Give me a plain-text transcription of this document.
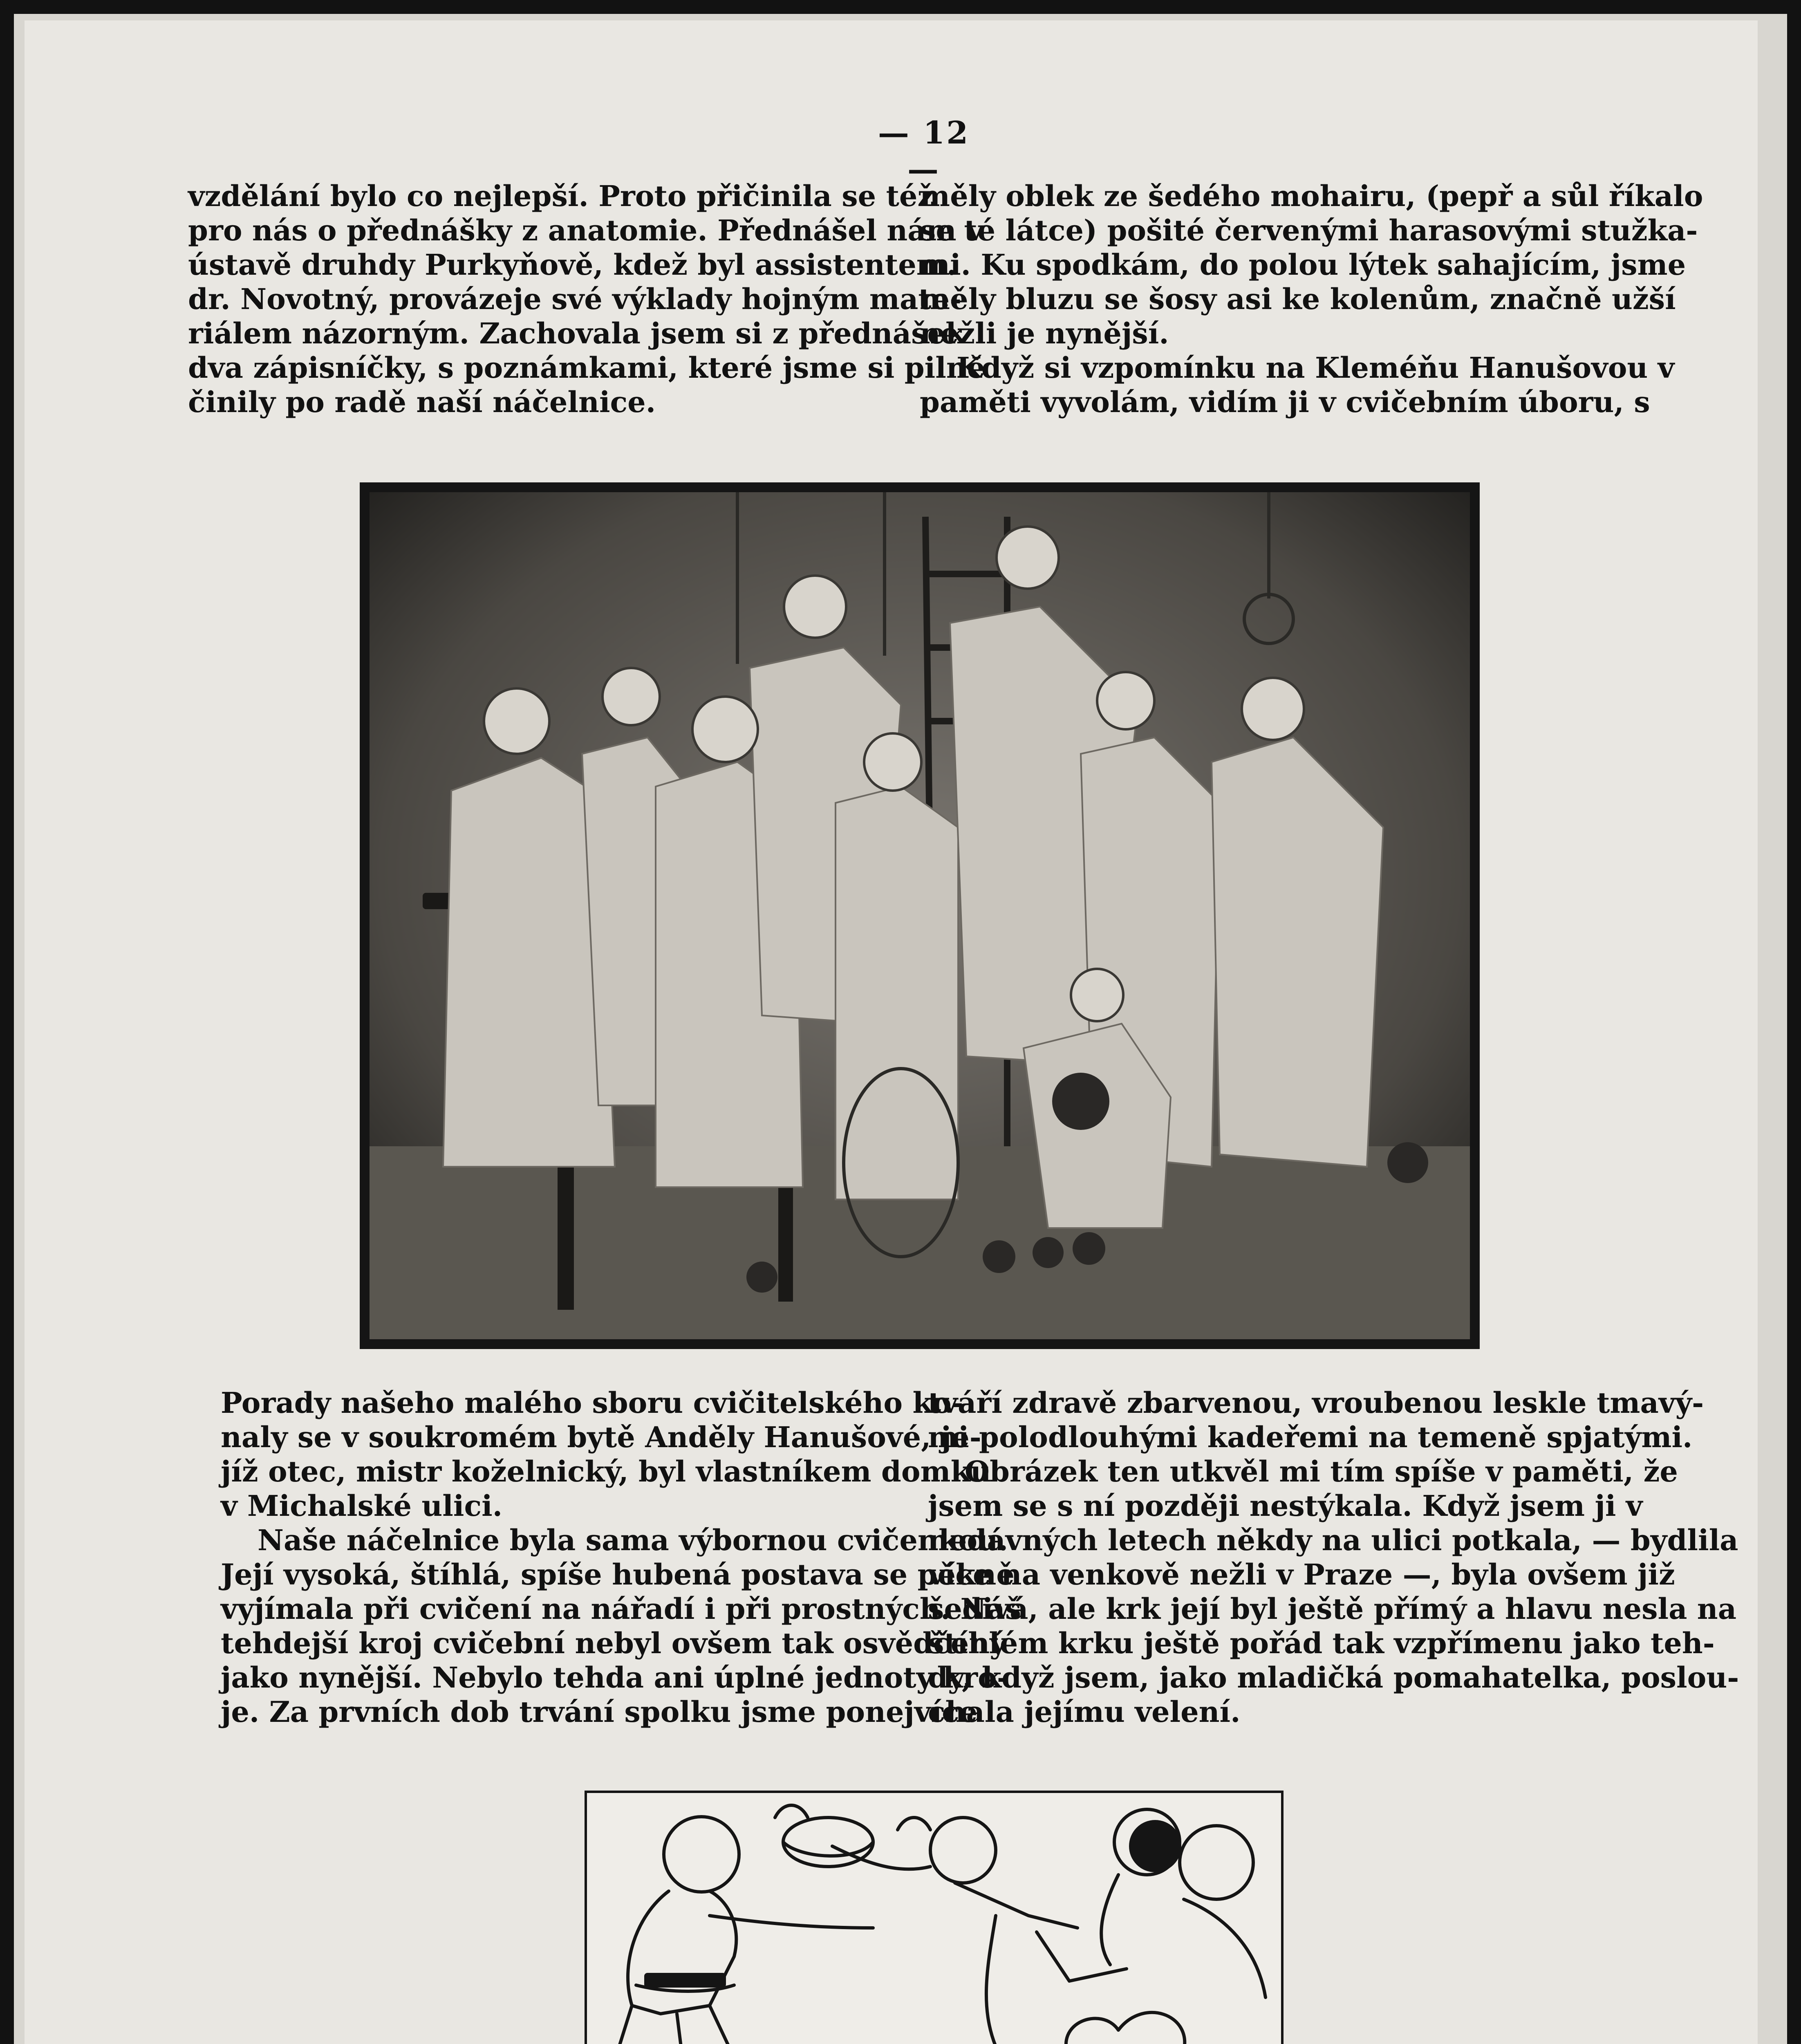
— 12 —

vzdělání bylo co nejlepší. Proto přičinila se též

pro nás o přednášky z anatomie. Přednášel nám v

ústavě druhdy Purkyňově, kdež byl assistentem.

dr. Novotný, provázeje své výklady hojným mate-

riálem názorným. Zachovala jsem si z přednášek

dva zápisníčky, s poznámkami, které jsme si pilně

činily po radě naší náčelnice.

měly oblek ze šedého mohairu, (pepř a sůl říkalo

se té látce) pošité červenými harasovými stužka-

mi. Ku spodkám, do polou lýtek sahajícím, jsme

měly bluzu se šosy asi ke kolenům, značně užší

nežli je nynější.

Když si vzpomínku na Kleméňu Hanušovou v

paměti vyvolám, vidím ji v cvičebním úboru, s

Porady našeho malého sboru cvičitelského ko-

naly se v soukromém bytě Anděly Hanušové, je-

jíž otec, mistr koželnický, byl vlastníkem domku

v Michalské ulici.

Naše náčelnice byla sama výbornou cvičenkou.

Její vysoká, štíhlá, spíše hubená postava se pěkně

vyjímala při cvičení na nářadí i při prostných. Náš

tehdejší kroj cvičební nebyl ovšem tak osvědčený

jako nynější. Nebylo tehda ani úplné jednoty kro-

je. Za prvních dob trvání spolku jsme ponejvíce

tváří zdravě zbarvenou, vroubenou leskle tmavý-

mi polodlouhými kadeřemi na temeně spjatými.

Obrázek ten utkvěl mi tím spíše v paměti, že

jsem se s ní později nestýkala. Když jsem ji v

nedávných letech někdy na ulici potkala, — bydlila

více na venkově nežli v Praze —, byla ovšem již

šedivá, ale krk její byl ještě přímý a hlavu nesla na

štíhlém krku ještě pořád tak vzpřímenu jako teh-

dy, když jsem, jako mladičká pomahatelka, poslou-

chala jejímu velení.
